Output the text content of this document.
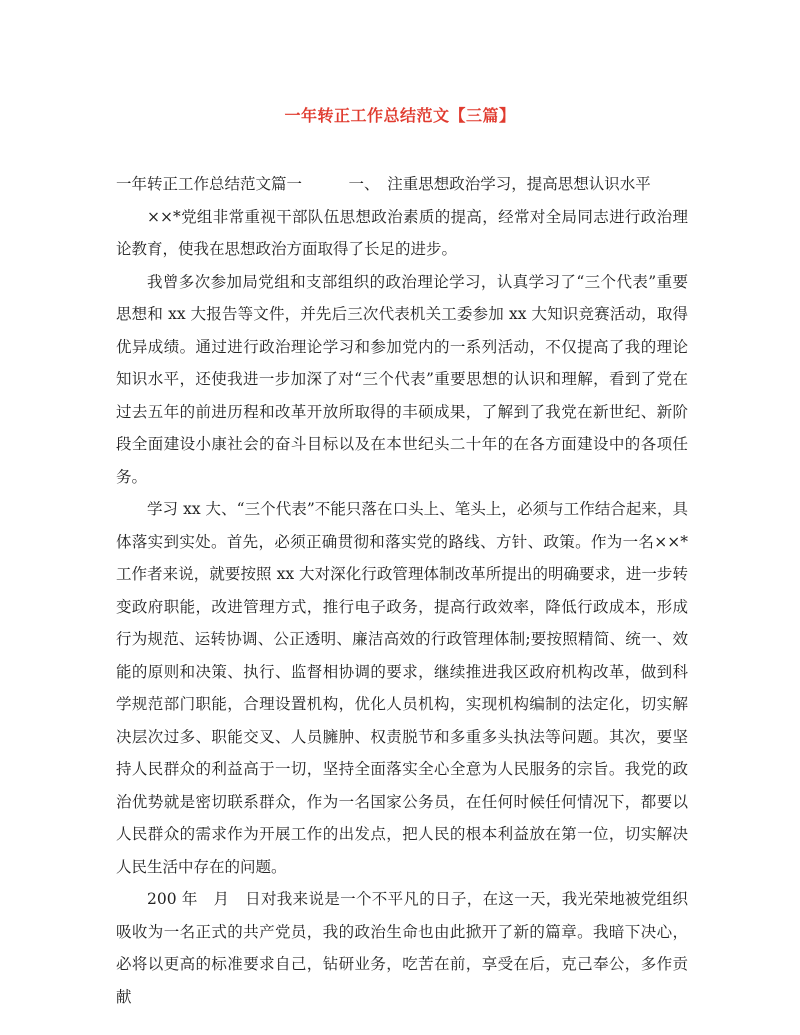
一年转正工作总结范文【三篇】

一年转正工作总结范文篇一　　　一、　注重思想政治学习，提高思想认识水平

××*党组非常重视干部队伍思想政治素质的提高，经常对全局同志进行政治理论教育，使我在思想政治方面取得了长足的进步。

我曾多次参加局党组和支部组织的政治理论学习，认真学习了“三个代表”重要思想和 xx 大报告等文件，并先后三次代表机关工委参加 xx 大知识竞赛活动，取得优异成绩。通过进行政治理论学习和参加党内的一系列活动，不仅提高了我的理论知识水平，还使我进一步加深了对“三个代表”重要思想的认识和理解，看到了党在过去五年的前进历程和改革开放所取得的丰硕成果，了解到了我党在新世纪、新阶段全面建设小康社会的奋斗目标以及在本世纪头二十年的在各方面建设中的各项任务。

学习 xx 大、“三个代表”不能只落在口头上、笔头上，必须与工作结合起来，具体落实到实处。首先，必须正确贯彻和落实党的路线、方针、政策。作为一名××*工作者来说，就要按照 xx 大对深化行政管理体制改革所提出的明确要求，进一步转变政府职能，改进管理方式，推行电子政务，提高行政效率，降低行政成本，形成行为规范、运转协调、公正透明、廉洁高效的行政管理体制;要按照精简、统一、效能的原则和决策、执行、监督相协调的要求，继续推进我区政府机构改革，做到科学规范部门职能，合理设置机构，优化人员机构，实现机构编制的法定化，切实解决层次过多、职能交叉、人员臃肿、权责脱节和多重多头执法等问题。其次，要坚持人民群众的利益高于一切，坚持全面落实全心全意为人民服务的宗旨。我党的政治优势就是密切联系群众，作为一名国家公务员，在任何时候任何情况下，都要以人民群众的需求作为开展工作的出发点，把人民的根本利益放在第一位，切实解决人民生活中存在的问题。

200 年　月　日对我来说是一个不平凡的日子，在这一天，我光荣地被党组织吸收为一名正式的共产党员，我的政治生命也由此掀开了新的篇章。我暗下决心，必将以更高的标准要求自己，钻研业务，吃苦在前，享受在后，克己奉公，多作贡献
